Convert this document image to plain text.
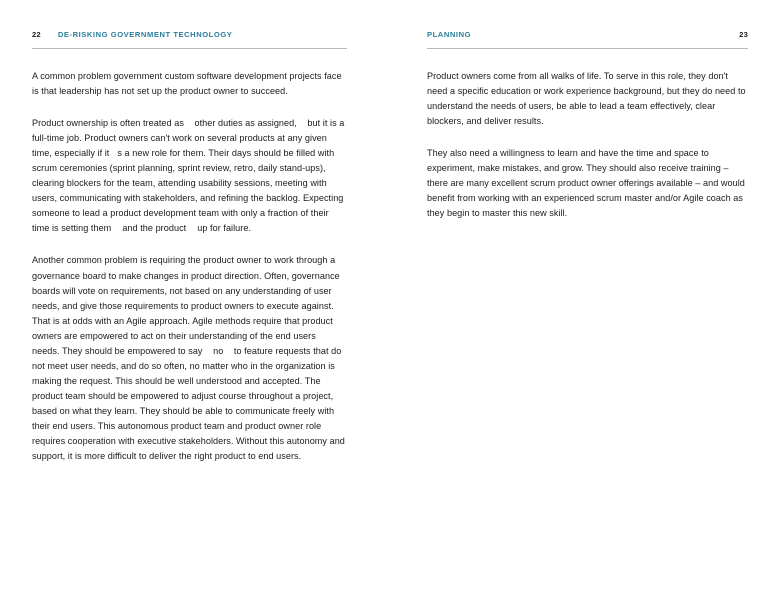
22 DE-RISKING GOVERNMENT TECHNOLOGY

A common problem government custom software development projects face is that leadership has not set up the product owner to succeed.

Product ownership is often treated as other duties as assigned, but it is a full-time job. Product owners can't work on several products at any given time, especially if it s a new role for them. Their days should be filled with scrum ceremonies (sprint planning, sprint review, retro, daily stand-ups), clearing blockers for the team, attending usability sessions, meeting with users, communicating with stakeholders, and refining the backlog. Expecting someone to lead a product development team with only a fraction of their time is setting them and the product up for failure.

Another common problem is requiring the product owner to work through a governance board to make changes in product direction. Often, governance boards will vote on requirements, not based on any understanding of user needs, and give those requirements to product owners to execute against. That is at odds with an Agile approach. Agile methods require that product owners are empowered to act on their understanding of the end users needs. They should be empowered to say no to feature requests that do not meet user needs, and do so often, no matter who in the organization is making the request. This should be well understood and accepted. The product team should be empowered to adjust course throughout a project, based on what they learn. They should be able to communicate freely with their end users. This autonomous product team and product owner role requires cooperation with executive stakeholders. Without this autonomy and support, it is more difficult to deliver the right product to end users.

PLANNING	23

Product owners come from all walks of life. To serve in this role, they don't need a specific education or work experience background, but they do need to understand the needs of users, be able to lead a team effectively, clear blockers, and deliver results.

They also need a willingness to learn and have the time and space to experiment, make mistakes, and grow. They should also receive training – there are many excellent scrum product owner offerings available – and would benefit from working with an experienced scrum master and/or Agile coach as they begin to master this new skill.
